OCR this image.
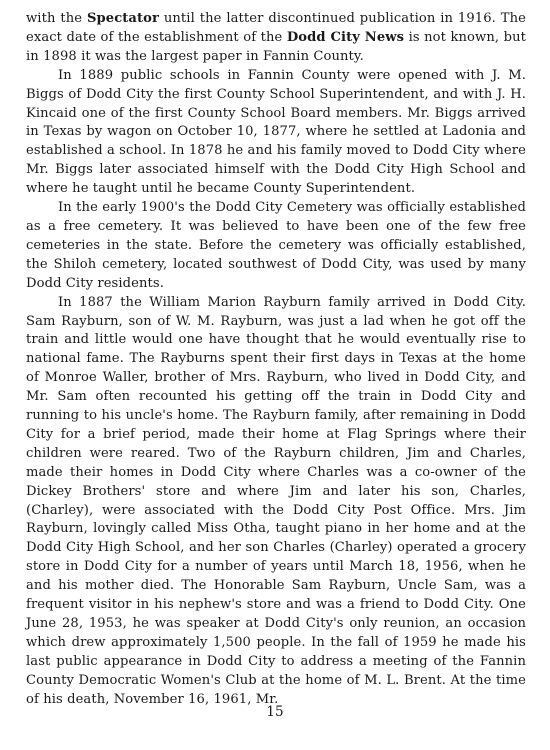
with the Spectator until the latter discontinued publication in 1916. The exact date of the establishment of the Dodd City News is not known, but in 1898 it was the largest paper in Fannin County.

In 1889 public schools in Fannin County were opened with J. M. Biggs of Dodd City the first County School Superintendent, and with J. H. Kincaid one of the first County School Board members. Mr. Biggs arrived in Texas by wagon on October 10, 1877, where he settled at Ladonia and established a school. In 1878 he and his family moved to Dodd City where Mr. Biggs later associated himself with the Dodd City High School and where he taught until he became County Superintendent.

In the early 1900's the Dodd City Cemetery was officially established as a free cemetery. It was believed to have been one of the few free cemeteries in the state. Before the cemetery was officially established, the Shiloh cemetery, located southwest of Dodd City, was used by many Dodd City residents.

In 1887 the William Marion Rayburn family arrived in Dodd City. Sam Rayburn, son of W. M. Rayburn, was just a lad when he got off the train and little would one have thought that he would eventually rise to national fame. The Rayburns spent their first days in Texas at the home of Monroe Waller, brother of Mrs. Rayburn, who lived in Dodd City, and Mr. Sam often recounted his getting off the train in Dodd City and running to his uncle's home. The Rayburn family, after remaining in Dodd City for a brief period, made their home at Flag Springs where their children were reared. Two of the Rayburn children, Jim and Charles, made their homes in Dodd City where Charles was a co-owner of the Dickey Brothers' store and where Jim and later his son, Charles, (Charley), were associated with the Dodd City Post Office. Mrs. Jim Rayburn, lovingly called Miss Otha, taught piano in her home and at the Dodd City High School, and her son Charles (Charley) operated a grocery store in Dodd City for a number of years until March 18, 1956, when he and his mother died. The Honorable Sam Rayburn, Uncle Sam, was a frequent visitor in his nephew's store and was a friend to Dodd City. One June 28, 1953, he was speaker at Dodd City's only reunion, an occasion which drew approximately 1,500 people. In the fall of 1959 he made his last public appearance in Dodd City to address a meeting of the Fannin County Democratic Women's Club at the home of M. L. Brent. At the time of his death, November 16, 1961, Mr.

15
